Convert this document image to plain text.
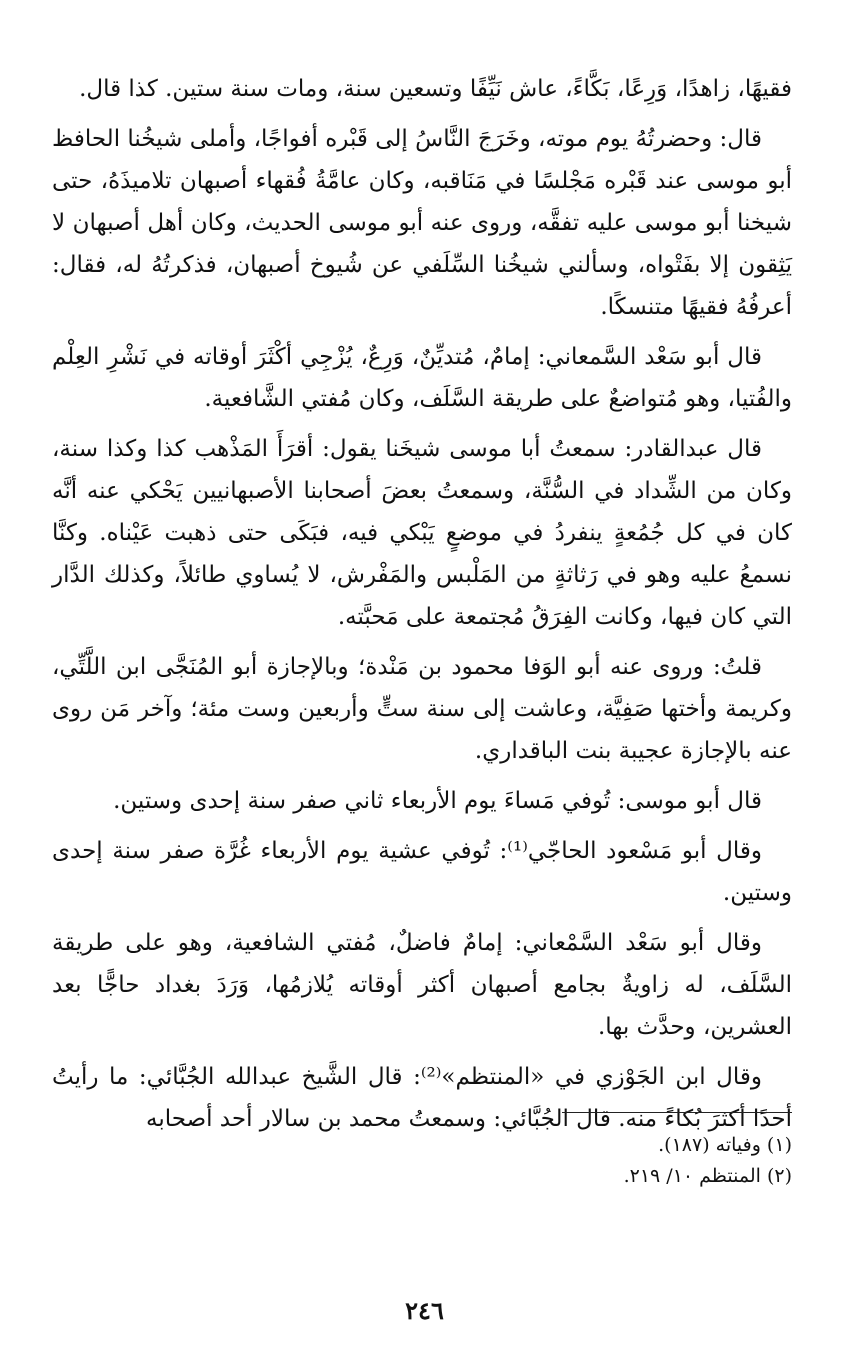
فقيهًا، زاهدًا، وَرِعًا، بَكَّاءً، عاش نَيِّفًا وتسعين سنة، ومات سنة ستين. كذا قال.

قال: وحضرتُهُ يوم موته، وخَرَجَ النَّاسُ إلى قَبْره أفواجًا، وأملى شيخُنا الحافظ أبو موسى عند قَبْره مَجْلسًا في مَنَاقبه، وكان عامَّةُ فُقهاء أصبهان تلاميذَهُ، حتى شيخنا أبو موسى عليه تفقَّه، وروى عنه أبو موسى الحديث، وكان أهل أصبهان لا يَثِقون إلا بفَتْواه، وسألني شيخُنا السِّلَفي عن شُيوخ أصبهان، فذكرتُهُ له، فقال: أعرفُهُ فقيهًا متنسكًا.

قال أبو سَعْد السَّمعاني: إمامٌ، مُتديِّنٌ، وَرِعٌ، يُزْجِي أكْثَرَ أوقاته في نَشْرِ العِلْم والفُتيا، وهو مُتواضعٌ على طريقة السَّلَف، وكان مُفتي الشَّافعية.

قال عبدالقادر: سمعتُ أبا موسى شيخَنا يقول: أقرَأَ المَذْهب كذا وكذا سنة، وكان من الشِّداد في السُّنَّة، وسمعتُ بعضَ أصحابنا الأصبهانيين يَحْكي عنه أنَّه كان في كل جُمُعةٍ ينفردُ في موضعٍ يَبْكي فيه، فبَكَى حتى ذهبت عَيْناه. وكنَّا نسمعُ عليه وهو في رَثاثةٍ من المَلْبس والمَفْرش، لا يُساوي طائلاً، وكذلك الدَّار التي كان فيها، وكانت الفِرَقُ مُجتمعة على مَحبَّته.

قلتُ: وروى عنه أبو الوَفا محمود بن مَنْدة؛ وبالإجازة أبو المُنَجَّى ابن اللَّتِّي، وكريمة وأختها صَفِيَّة، وعاشت إلى سنة ستٍّ وأربعين وست مئة؛ وآخر مَن روى عنه بالإجازة عجيبة بنت الباقداري.

قال أبو موسى: تُوفي مَساءَ يوم الأربعاء ثاني صفر سنة إحدى وستين.

وقال أبو مَسْعود الحاجّي⁽¹⁾: تُوفي عشية يوم الأربعاء غُرَّة صفر سنة إحدى وستين.

وقال أبو سَعْد السَّمْعاني: إمامٌ فاضلٌ، مُفتي الشافعية، وهو على طريقة السَّلَف، له زاويةٌ بجامع أصبهان أكثر أوقاته يُلازمُها، وَرَدَ بغداد حاجًّا بعد العشرين، وحدَّث بها.

وقال ابن الجَوْزي في «المنتظم»⁽²⁾: قال الشَّيخ عبدالله الجُبَّائي: ما رأيتُ أحدًا أكثرَ بُكاءً منه. قال الجُبَّائي: وسمعتُ محمد بن سالار أحد أصحابه

(١) وفياته (١٨٧).
(٢) المنتظم ١٠/ ٢١٩.
٢٤٦
